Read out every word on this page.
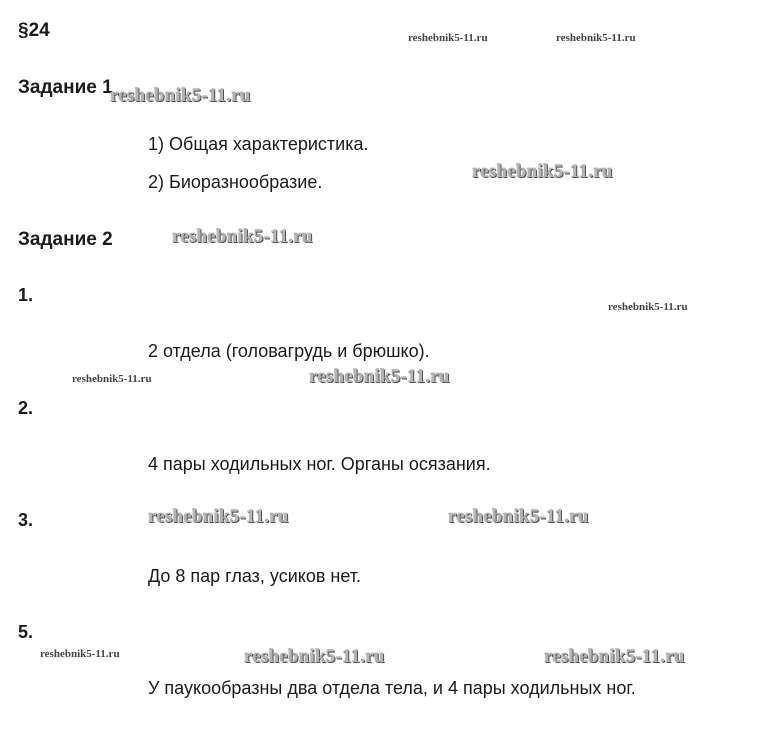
§24
Задание 1
1) Общая характеристика.
2) Биоразнообразие.
Задание 2
1.
2 отдела (головагрудь и брюшко).
2.
4 пары ходильных ног. Органы осязания.
3.
До 8 пар глаз, усиков нет.
5.
У паукообразны два отдела тела, и 4 пары ходильных ног.
reshebnik5-11.ru	reshebnik5-11.ru
reshebnik5-11.ru
reshebnik5-11.ru
reshebnik5-11.ru
reshebnik5-11.ru
reshebnik5-11.ru	reshebnik5-11.ru
reshebnik5-11.ru	reshebnik5-11.ru
reshebnik5-11.ru	reshebnik5-11.ru	reshebnik5-11.ru
